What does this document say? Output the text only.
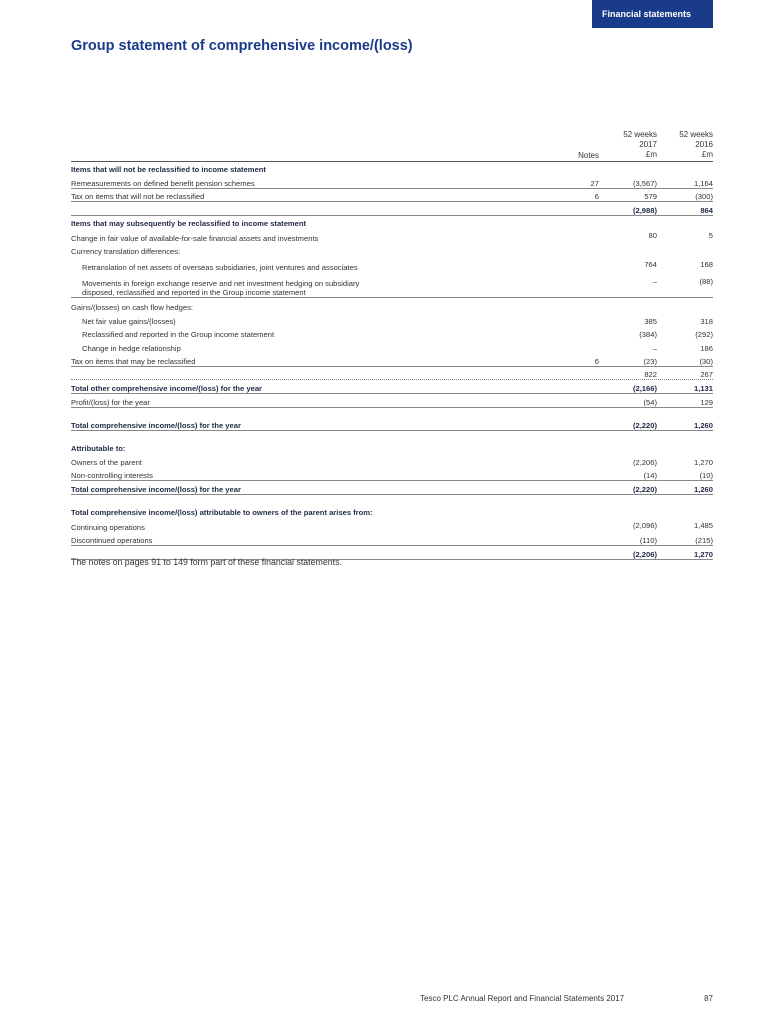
Financial statements
Group statement of comprehensive income/(loss)
Notes
52 weeks
2017
£m
52 weeks
2016
£m
Items that will not be reclassified to income statement
Remeasurements on defined benefit pension schemes	27	(3,567)	1,164
Tax on items that will not be reclassified	6	579	(300)
(2,988)	864
Items that may subsequently be reclassified to income statement
Change in fair value of available-for-sale financial assets and investments	80	5
Currency translation differences:
Retranslation of net assets of overseas subsidiaries, joint ventures and associates	764	168
Movements in foreign exchange reserve and net investment hedging on subsidiary disposed, reclassified and reported in the Group income statement
–	(88)
Gains/(losses) on cash flow hedges:
Net fair value gains/(losses)	385	318
Reclassified and reported in the Group income statement	(384)	(292)
Change in hedge relationship	–	186
Tax on items that may be reclassified	6	(23)	(30)
822	267
Total other comprehensive income/(loss) for the year	(2,166)	1,131
Profit/(loss) for the year	(54)	129
Total comprehensive income/(loss) for the year	(2,220)	1,260
Attributable to:
Owners of the parent	(2,206)	1,270
Non-controlling interests	(14)	(10)
Total comprehensive income/(loss) for the year	(2,220)	1,260
Total comprehensive income/(loss) attributable to owners of the parent arises from:
Continuing operations	(2,096)	1,485
Discontinued operations	(110)	(215)
(2,206)	1,270

The notes on pages 91 to 149 form part of these financial statements.

Tesco PLC Annual Report and Financial Statements 2017	87
